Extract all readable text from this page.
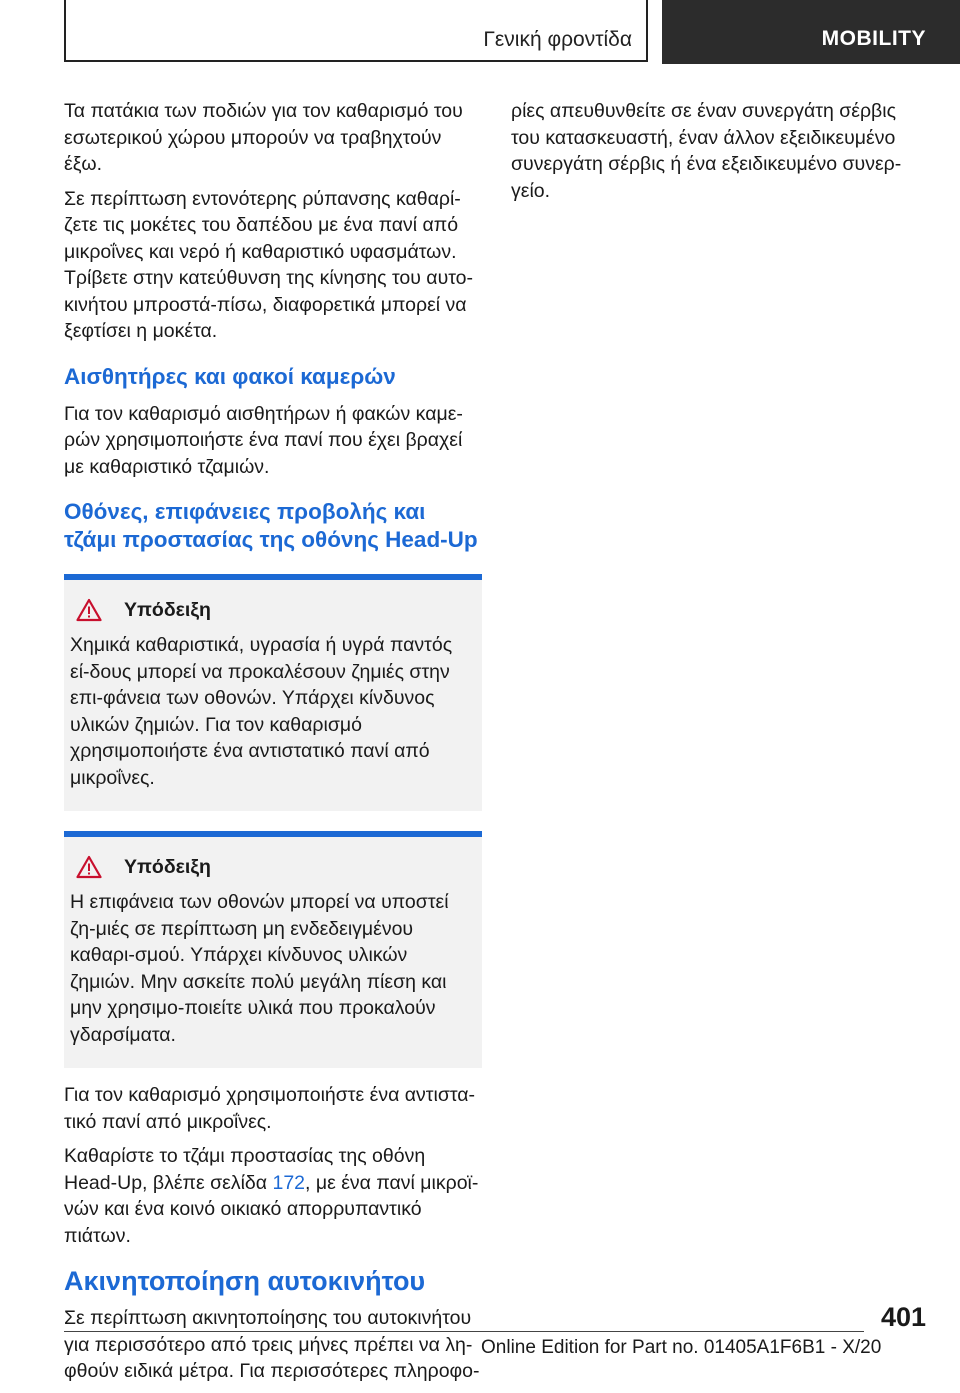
Γενική φροντίδα	MOBILITY

Τα πατάκια των ποδιών για τον καθαρισμό του εσωτερικού χώρου μπορούν να τραβηχτούν έξω.

Σε περίπτωση εντονότερης ρύπανσης καθαρί‐ζετε τις μοκέτες του δαπέδου με ένα πανί από μικροΐνες και νερό ή καθαριστικό υφασμάτων. Τρίβετε στην κατεύθυνση της κίνησης του αυτο‐κινήτου μπροστά-πίσω, διαφορετικά μπορεί να ξεφτίσει η μοκέτα.

Αισθητήρες και φακοί καμερών

Για τον καθαρισμό αισθητήρων ή φακών καμε‐ρών χρησιμοποιήστε ένα πανί που έχει βραχεί με καθαριστικό τζαμιών.

Οθόνες, επιφάνειες προβολής και τζάμι προστασίας της οθόνης Head-Up
Υπόδειξη

Χημικά καθαριστικά, υγρασία ή υγρά παντός εί‐δους μπορεί να προκαλέσουν ζημιές στην επι‐φάνεια των οθονών. Υπάρχει κίνδυνος υλικών ζημιών. Για τον καθαρισμό χρησιμοποιήστε ένα αντιστατικό πανί από μικροΐνες.

Υπόδειξη

Η επιφάνεια των οθονών μπορεί να υποστεί ζη‐μιές σε περίπτωση μη ενδεδειγμένου καθαρι‐σμού. Υπάρχει κίνδυνος υλικών ζημιών. Μην ασκείτε πολύ μεγάλη πίεση και μην χρησιμο‐ποιείτε υλικά που προκαλούν γδαρσίματα.

Για τον καθαρισμό χρησιμοποιήστε ένα αντιστα‐τικό πανί από μικροΐνες.

Καθαρίστε το τζάμι προστασίας της οθόνη Head-Up, βλέπε σελίδα 172, με ένα πανί μικροϊ‐νών και ένα κοινό οικιακό απορρυπαντικό πιάτων.

Ακινητοποίηση αυτοκινήτου

Σε περίπτωση ακινητοποίησης του αυτοκινήτου για περισσότερο από τρεις μήνες πρέπει να λη‐φθούν ειδικά μέτρα. Για περισσότερες πληροφο‐

ρίες απευθυνθείτε σε έναν συνεργάτη σέρβις του κατασκευαστή, έναν άλλον εξειδικευμένο συνεργάτη σέρβις ή ένα εξειδικευμένο συνερ‐γείο.

401
Online Edition for Part no. 01405A1F6B1 - X/20
